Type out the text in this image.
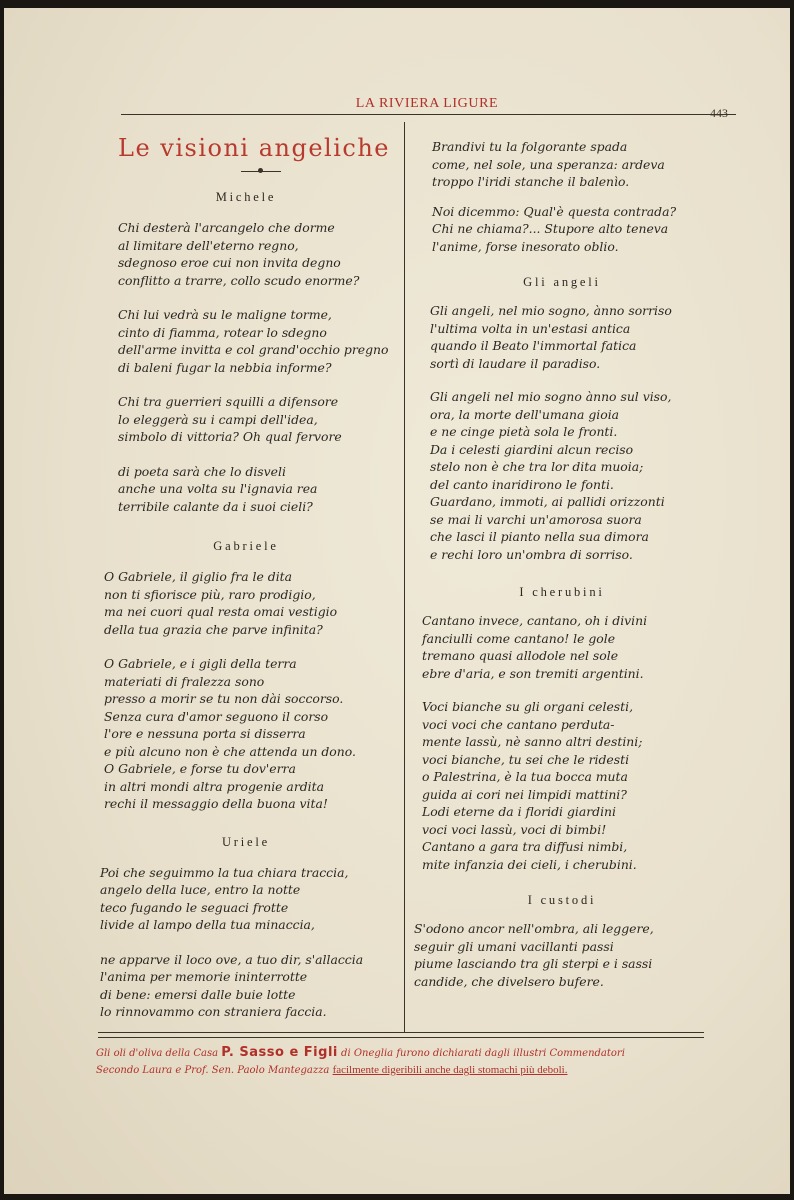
LA RIVIERA LIGURE
443
Le visioni angeliche
Michele
Chi desterà l'arcangelo che dorme
al limitare dell'eterno regno,
sdegnoso eroe cui non invita degno
conflitto a trarre, collo scudo enorme?
Chi lui vedrà su le maligne torme,
cinto di fiamma, rotear lo sdegno
dell'arme invitta e col grand'occhio pregno
di baleni fugar la nebbia informe?
Chi tra guerrieri squilli a difensore
lo eleggerà su i campi dell'idea,
simbolo di vittoria? Oh qual fervore
di poeta sarà che lo disveli
anche una volta su l'ignavia rea
terribile calante da i suoi cieli?
Gabriele
O Gabriele, il giglio fra le dita
non ti sfiorisce più, raro prodigio,
ma nei cuori qual resta omai vestigio
della tua grazia che parve infinita?
O Gabriele, e i gigli della terra
materiati di fralezza sono
presso a morir se tu non dài soccorso.
Senza cura d'amor seguono il corso
l'ore e nessuna porta si disserra
e più alcuno non è che attenda un dono.
O Gabriele, e forse tu dov'erra
in altri mondi altra progenie ardita
rechi il messaggio della buona vita!
Uriele
Poi che seguimmo la tua chiara traccia,
angelo della luce, entro la notte
teco fugando le seguaci frotte
livide al lampo della tua minaccia,
ne apparve il loco ove, a tuo dir, s'allaccia
l'anima per memorie ininterrotte
di bene: emersi dalle buie lotte
lo rinnovammo con straniera faccia.
Brandivi tu la folgorante spada
come, nel sole, una speranza: ardeva
troppo l'iridi stanche il balenìo.
Noi dicemmo: Qual'è questa contrada?
Chi ne chiama?... Stupore alto teneva
l'anime, forse inesorato oblio.
Gli angeli
Gli angeli, nel mio sogno, ànno sorriso
l'ultima volta in un'estasi antica
quando il Beato l'immortal fatica
sortì di laudare il paradiso.
Gli angeli nel mio sogno ànno sul viso,
ora, la morte dell'umana gioia
e ne cinge pietà sola le fronti.
Da i celesti giardini alcun reciso
stelo non è che tra lor dita muoia;
del canto inaridirono le fonti.
Guardano, immoti, ai pallidi orizzonti
se mai li varchi un'amorosa suora
che lasci il pianto nella sua dimora
e rechi loro un'ombra di sorriso.
I cherubini
Cantano invece, cantano, oh i divini
fanciulli come cantano! le gole
tremano quasi allodole nel sole
ebre d'aria, e son tremiti argentini.
Voci bianche su gli organi celesti,
voci voci che cantano perduta-
mente lassù, nè sanno altri destini;
voci bianche, tu sei che le ridesti
o Palestrina, è la tua bocca muta
guida ai cori nei limpidi mattini?
Lodi eterne da i floridi giardini
voci voci lassù, voci di bimbi!
Cantano a gara tra diffusi nimbi,
mite infanzia dei cieli, i cherubini.
I custodi
S'odono ancor nell'ombra, ali leggere,
seguir gli umani vacillanti passi
piume lasciando tra gli sterpi e i sassi
candide, che divelsero bufere.
Gli oli d'oliva della Casa P. Sasso e Figli di Oneglia furono dichiarati dagli illustri Commendatori
Secondo Laura e Prof. Sen. Paolo Mantegazza facilmente digeribili anche dagli stomachi più deboli.
